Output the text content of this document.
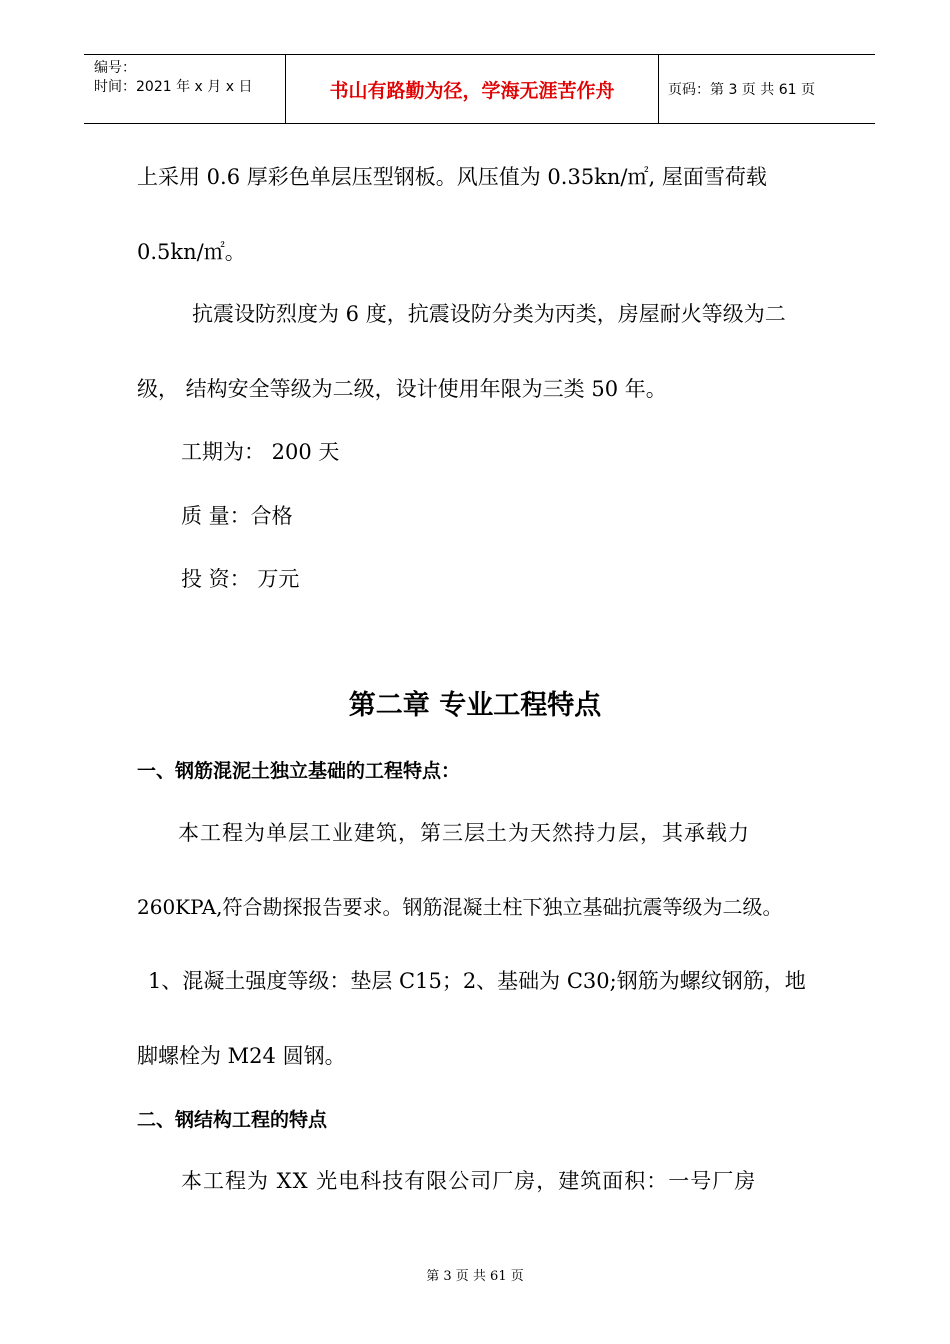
编号：
时间：2021 年 x 月 x 日	书山有路勤为径，学海无涯苦作舟	页码：第 3 页 共 61 页
上采用 0.6 厚彩色单层压型钢板。风压值为 0.35kn/㎡, 屋面雪荷载
0.5kn/㎡。
抗震设防烈度为 6 度，抗震设防分类为丙类，房屋耐火等级为二
级， 结构安全等级为二级，设计使用年限为三类 50 年。
工期为： 200 天
质 量：合格
投 资： 万元
第二章 专业工程特点
一、钢筋混泥土独立基础的工程特点：
本工程为单层工业建筑，第三层土为天然持力层，其承载力
260KPA,符合勘探报告要求。钢筋混凝土柱下独立基础抗震等级为二级。
1、混凝土强度等级：垫层 C15；2、基础为 C30;钢筋为螺纹钢筋，地
脚螺栓为 M24 圆钢。
二、钢结构工程的特点
本工程为 XX 光电科技有限公司厂房，建筑面积：一号厂房
第 3 页 共 61 页
